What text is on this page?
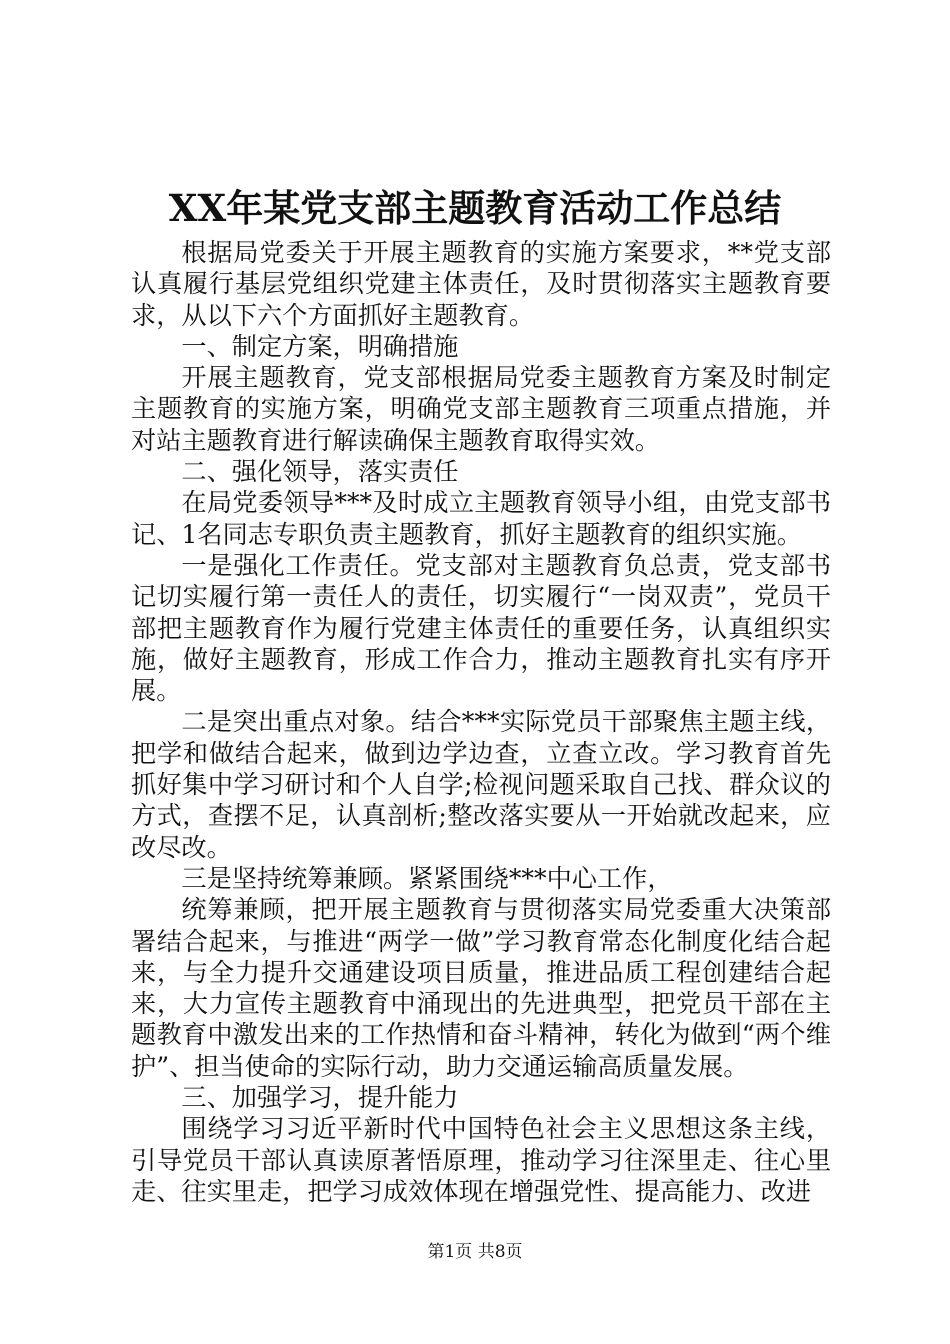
XX年某党支部主题教育活动工作总结

根据局党委关于开展主题教育的实施方案要求，**党支部认真履行基层党组织党建主体责任，及时贯彻落实主题教育要求，从以下六个方面抓好主题教育。

一、制定方案，明确措施

开展主题教育，党支部根据局党委主题教育方案及时制定主题教育的实施方案，明确党支部主题教育三项重点措施，并对站主题教育进行解读确保主题教育取得实效。

二、强化领导，落实责任

在局党委领导***及时成立主题教育领导小组，由党支部书记、1名同志专职负责主题教育，抓好主题教育的组织实施。

一是强化工作责任。党支部对主题教育负总责，党支部书记切实履行第一责任人的责任，切实履行“一岗双责”，党员干部把主题教育作为履行党建主体责任的重要任务，认真组织实施，做好主题教育，形成工作合力，推动主题教育扎实有序开展。

二是突出重点对象。结合***实际党员干部聚焦主题主线，把学和做结合起来，做到边学边查，立查立改。学习教育首先抓好集中学习研讨和个人自学;检视问题采取自己找、群众议的方式，查摆不足，认真剖析;整改落实要从一开始就改起来，应改尽改。

三是坚持统筹兼顾。紧紧围绕***中心工作，

统筹兼顾，把开展主题教育与贯彻落实局党委重大决策部署结合起来，与推进“两学一做”学习教育常态化制度化结合起来，与全力提升交通建设项目质量，推进品质工程创建结合起来，大力宣传主题教育中涌现出的先进典型，把党员干部在主题教育中激发出来的工作热情和奋斗精神，转化为做到“两个维护”、担当使命的实际行动，助力交通运输高质量发展。

三、加强学习，提升能力

围绕学习习近平新时代中国特色社会主义思想这条主线，引导党员干部认真读原著悟原理，推动学习往深里走、往心里走、往实里走，把学习成效体现在增强党性、提高能力、改进

第1页 共8页
